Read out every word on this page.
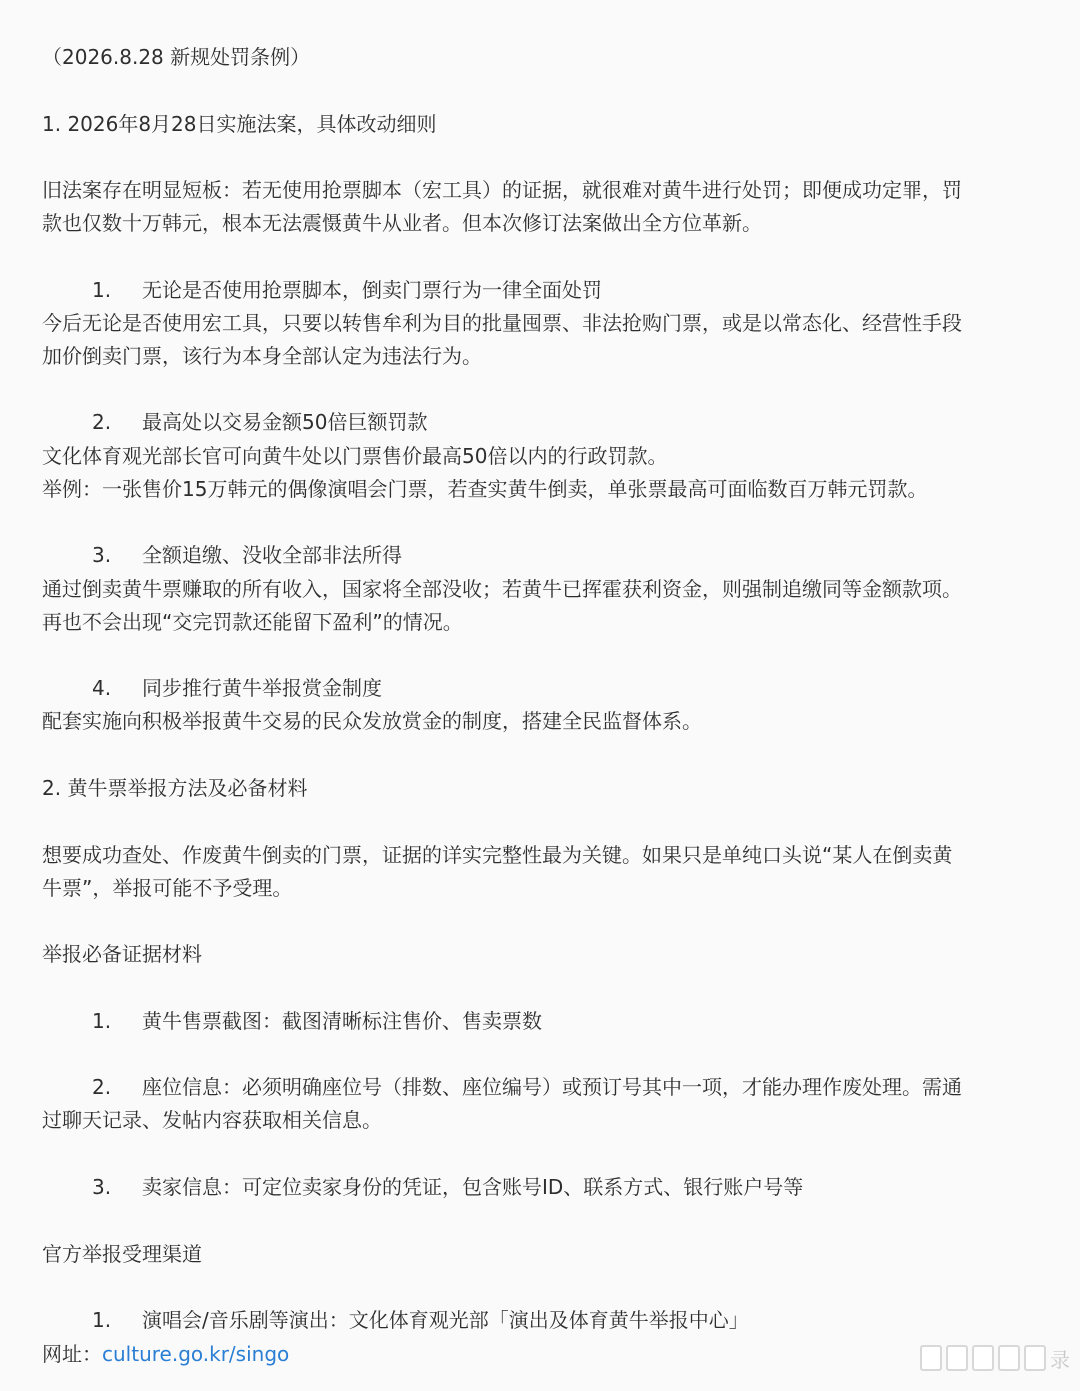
（2026.8.28 新规处罚条例）
1. 2026年8月28日实施法案，具体改动细则
旧法案存在明显短板：若无使用抢票脚本（宏工具）的证据，就很难对黄牛进行处罚；即便成功定罪，罚
款也仅数十万韩元，根本无法震慑黄牛从业者。但本次修订法案做出全方位革新。
1. 无论是否使用抢票脚本，倒卖门票行为一律全面处罚
今后无论是否使用宏工具，只要以转售牟利为目的批量囤票、非法抢购门票，或是以常态化、经营性手段
加价倒卖门票，该行为本身全部认定为违法行为。
2. 最高处以交易金额50倍巨额罚款
文化体育观光部长官可向黄牛处以门票售价最高50倍以内的行政罚款。
举例：一张售价15万韩元的偶像演唱会门票，若查实黄牛倒卖，单张票最高可面临数百万韩元罚款。
3. 全额追缴、没收全部非法所得
通过倒卖黄牛票赚取的所有收入，国家将全部没收；若黄牛已挥霍获利资金，则强制追缴同等金额款项。
再也不会出现“交完罚款还能留下盈利”的情况。
4. 同步推行黄牛举报赏金制度
配套实施向积极举报黄牛交易的民众发放赏金的制度，搭建全民监督体系。
2. 黄牛票举报方法及必备材料
想要成功查处、作废黄牛倒卖的门票，证据的详实完整性最为关键。如果只是单纯口头说“某人在倒卖黄
牛票”，举报可能不予受理。
举报必备证据材料
1. 黄牛售票截图：截图清晰标注售价、售卖票数
2. 座位信息：必须明确座位号（排数、座位编号）或预订号其中一项，才能办理作废处理。需通
过聊天记录、发帖内容获取相关信息。
3. 卖家信息：可定位卖家身份的凭证，包含账号ID、联系方式、银行账户号等
官方举报受理渠道
1. 演唱会/音乐剧等演出：文化体育观光部「演出及体育黄牛举报中心」
网址：culture.go.kr/singo	录
